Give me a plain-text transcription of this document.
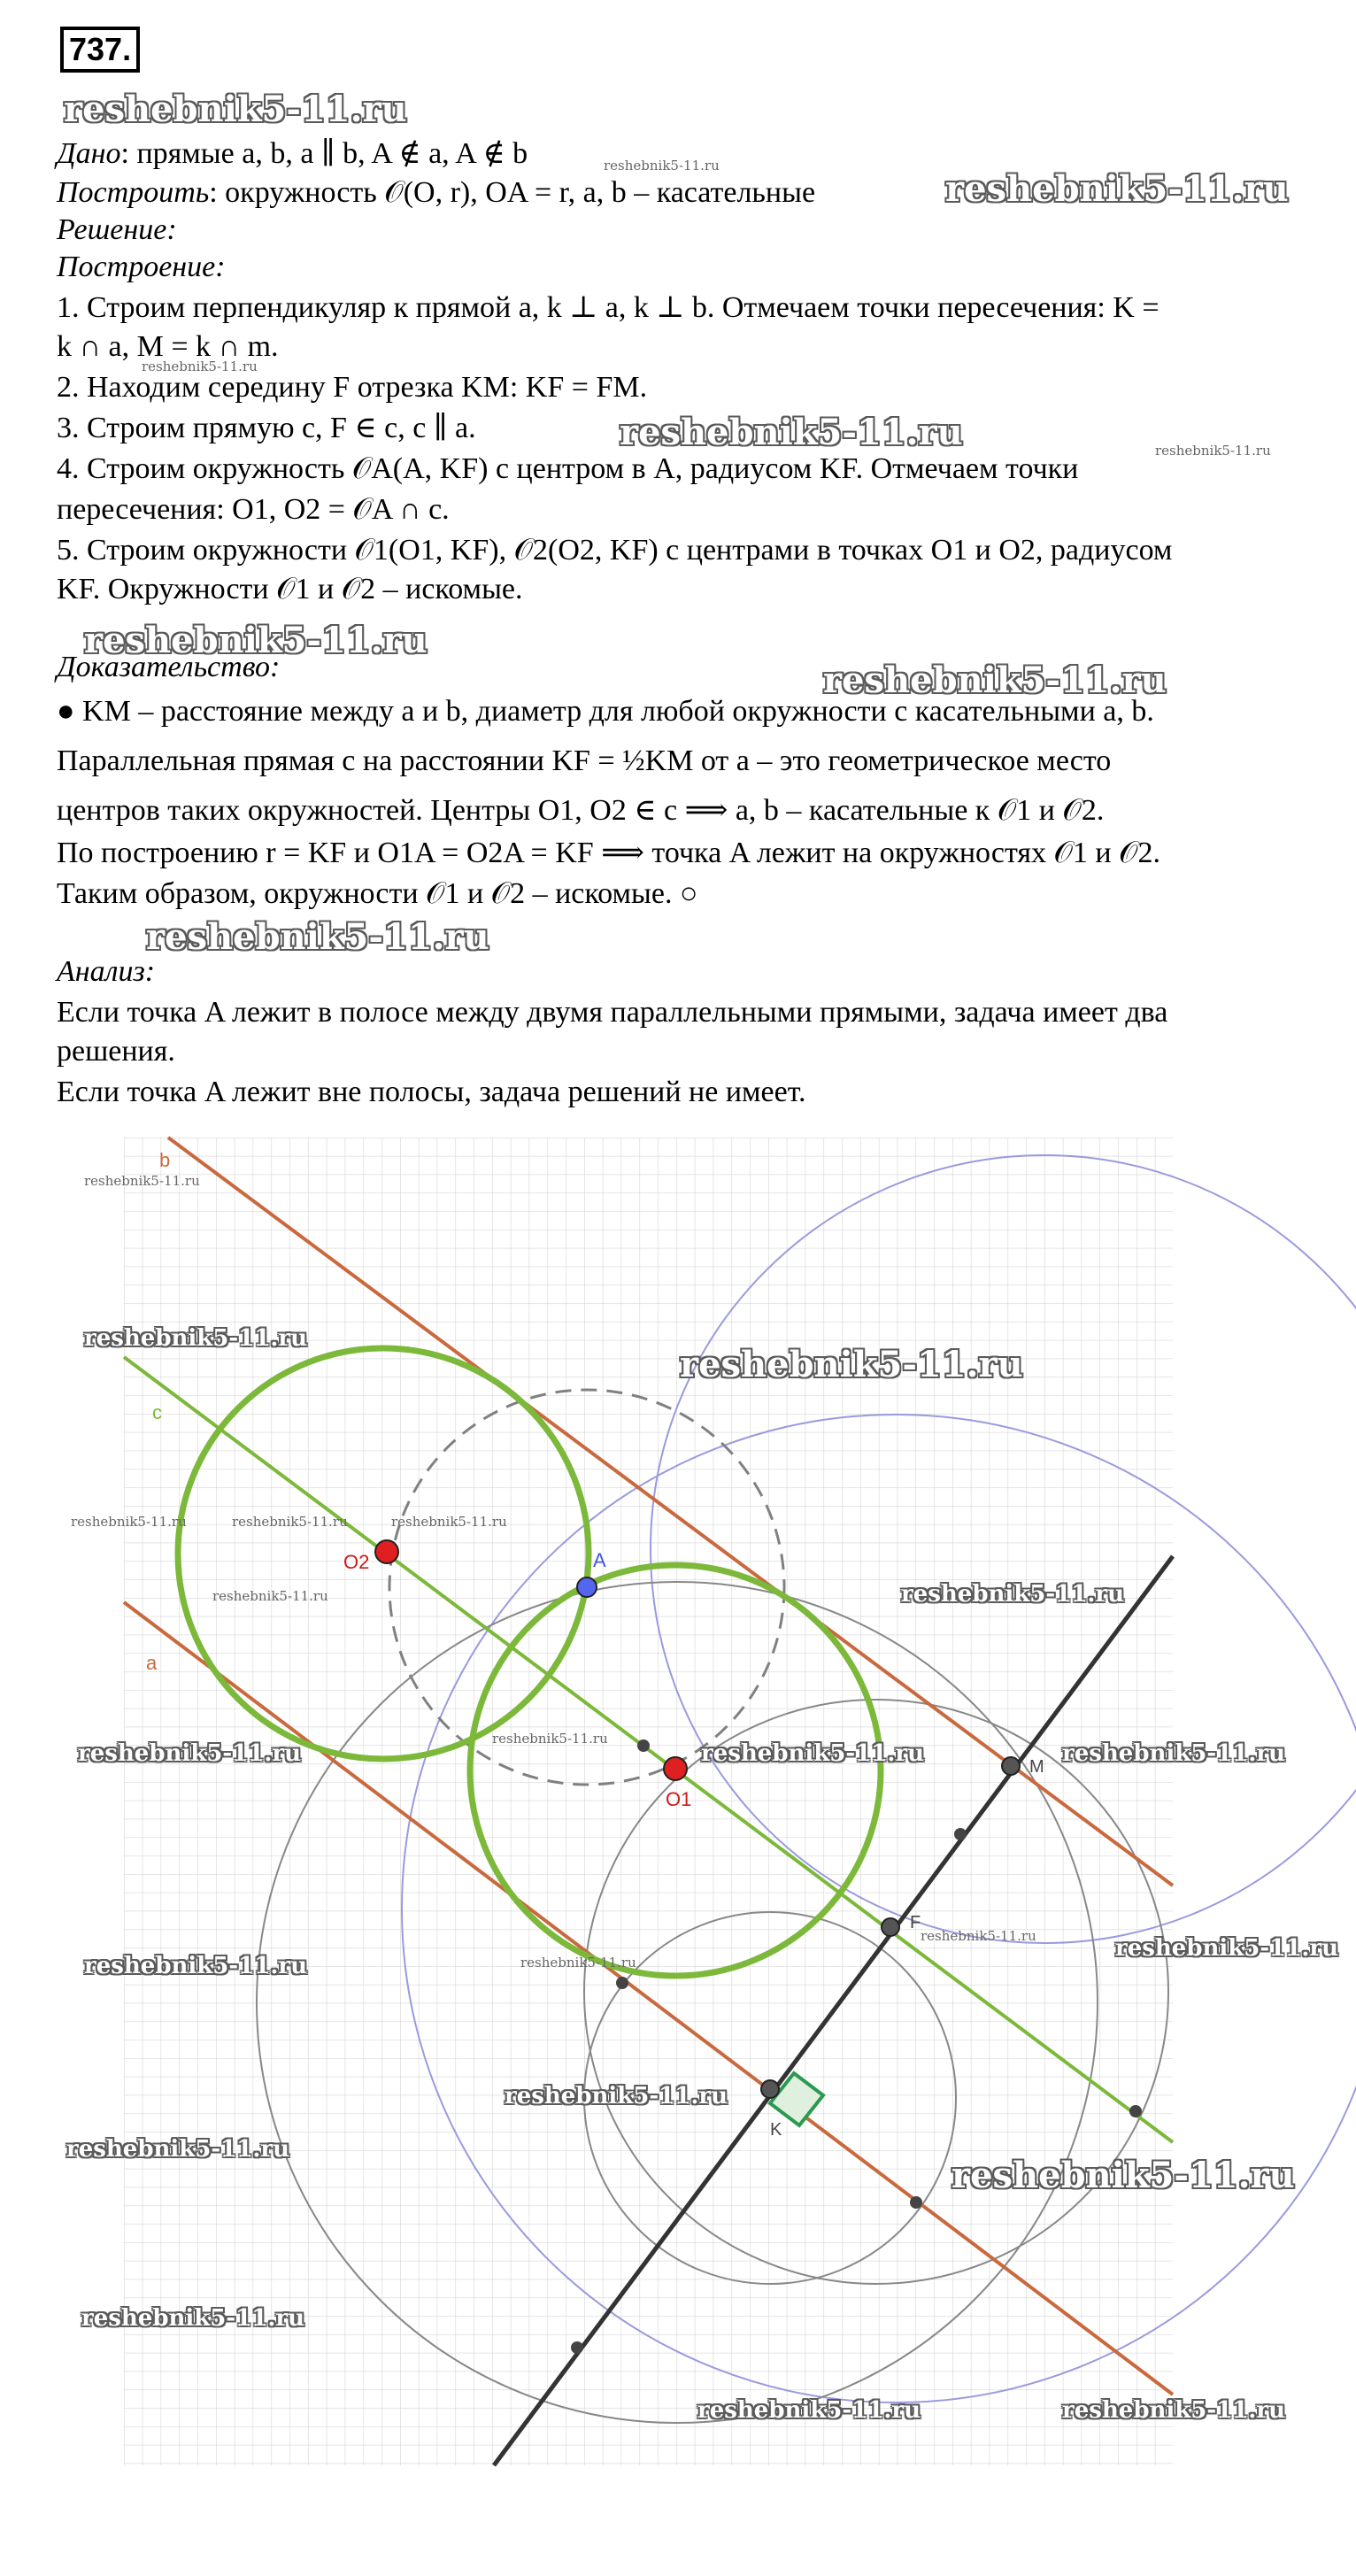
737.
reshebnik5-11.ru
reshebnik5-11.ru
reshebnik5-11.ru
reshebnik5-11.ru
reshebnik5-11.ru	reshebnik5-11.ru
reshebnik5-11.ru
reshebnik5-11.ru
reshebnik5-11.ru
Дано: прямые a, b, a ∥ b, A ∉ a, A ∉ b
Построить: окружность 𝒪(O, r), OA = r, a, b – касательные
Решение:
Построение:
1. Строим перпендикуляр к прямой a, k ⊥ a, k ⊥ b. Отмечаем точки пересечения: K =
k ∩ a, M = k ∩ m.
2. Находим середину F отрезка KM: KF = FM.
3. Строим прямую c, F ∈ c, c ∥ a.
4. Строим окружность 𝒪A(A, KF) с центром в A, радиусом KF. Отмечаем точки
пересечения: O1, O2 = 𝒪A ∩ c.
5. Строим окружности 𝒪1(O1, KF), 𝒪2(O2, KF) с центрами в точках O1 и O2, радиусом
KF. Окружности 𝒪1 и 𝒪2 – искомые.
Доказательство:
● KM – расстояние между a и b, диаметр для любой окружности с касательными a, b.
Параллельная прямая c на расстоянии KF = ½KM от a – это геометрическое место
центров таких окружностей. Центры O1, O2 ∈ c ⟹ a, b – касательные к 𝒪1 и 𝒪2.
По построению r = KF и O1A = O2A = KF ⟹ точка A лежит на окружностях 𝒪1 и 𝒪2.
Таким образом, окружности 𝒪1 и 𝒪2 – искомые. ○
Анализ:
Если точка A лежит в полосе между двумя параллельными прямыми, задача имеет два
решения.
Если точка A лежит вне полосы, задача решений не имеет.
b
c
a
A
O2
O1
M
F
K
reshebnik5-11.ru
reshebnik5-11.ru
reshebnik5-11.ru
reshebnik5-11.ru	reshebnik5-11.ru	reshebnik5-11.ru
reshebnik5-11.ru	reshebnik5-11.ru
reshebnik5-11.ru
reshebnik5-11.ru
reshebnik5-11.ru	reshebnik5-11.ru
reshebnik5-11.ru
reshebnik5-11.ru	reshebnik5-11.ru
reshebnik5-11.ru
reshebnik5-11.ru
reshebnik5-11.ru
reshebnik5-11.ru
reshebnik5-11.ru
reshebnik5-11.ru	reshebnik5-11.ru
